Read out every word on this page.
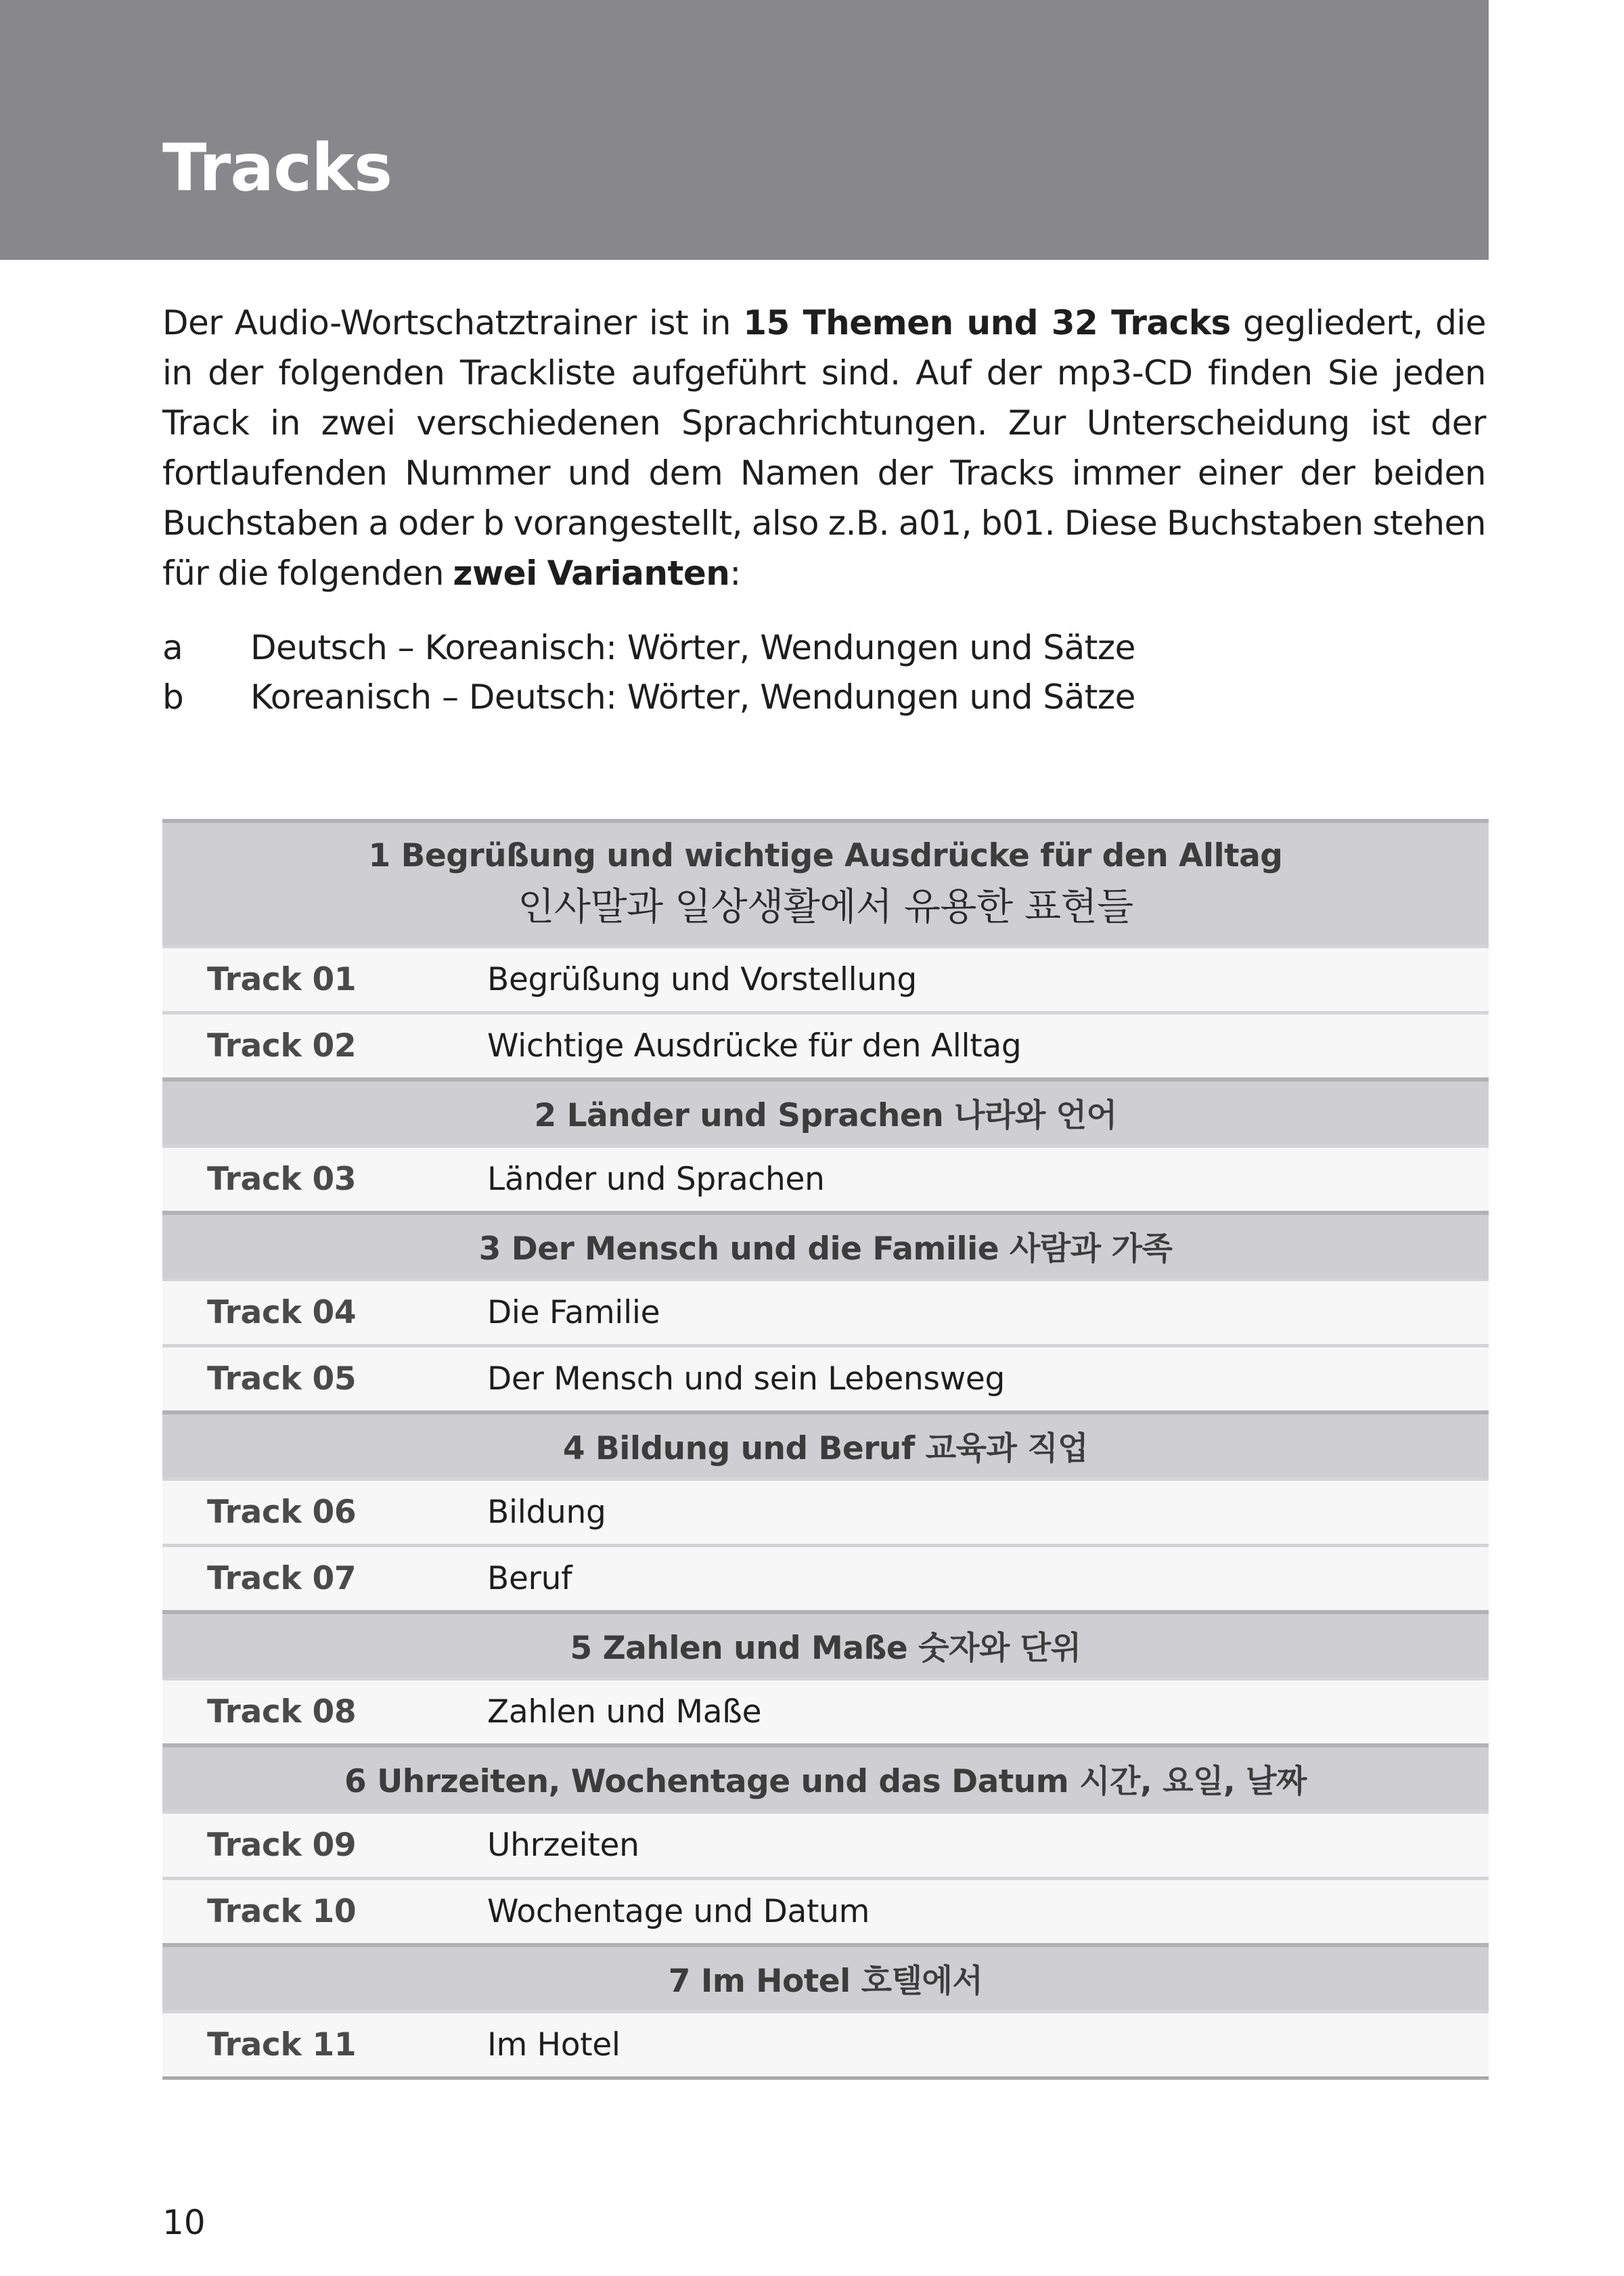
Tracks

Der Audio-Wortschatztrainer ist in 15 Themen und 32 Tracks gegliedert, die in der folgenden Trackliste aufgeführt sind. Auf der mp3-CD finden Sie jeden Track in zwei verschiedenen Sprachrichtungen. Zur Unterscheidung ist der fortlaufenden Nummer und dem Namen der Tracks immer einer der beiden Buchstaben a oder b vorangestellt, also z.B. a01, b01. Diese Buchstaben stehen für die folgenden zwei Varianten:

a	Deutsch – Koreanisch: Wörter, Wendungen und Sätze
b	Koreanisch – Deutsch: Wörter, Wendungen und Sätze
1 Begrüßung und wichtige Ausdrücke für den Alltag
인사말과 일상생활에서 유용한 표현들
Track 01	Begrüßung und Vorstellung
Track 02	Wichtige Ausdrücke für den Alltag
2 Länder und Sprachen 나라와 언어
Track 03	Länder und Sprachen
3 Der Mensch und die Familie 사람과 가족
Track 04	Die Familie
Track 05	Der Mensch und sein Lebensweg
4 Bildung und Beruf 교육과 직업
Track 06	Bildung
Track 07	Beruf
5 Zahlen und Maße 숫자와 단위
Track 08	Zahlen und Maße
6 Uhrzeiten, Wochentage und das Datum 시간, 요일, 날짜
Track 09	Uhrzeiten
Track 10	Wochentage und Datum
7 Im Hotel 호텔에서
Track 11	Im Hotel
10
